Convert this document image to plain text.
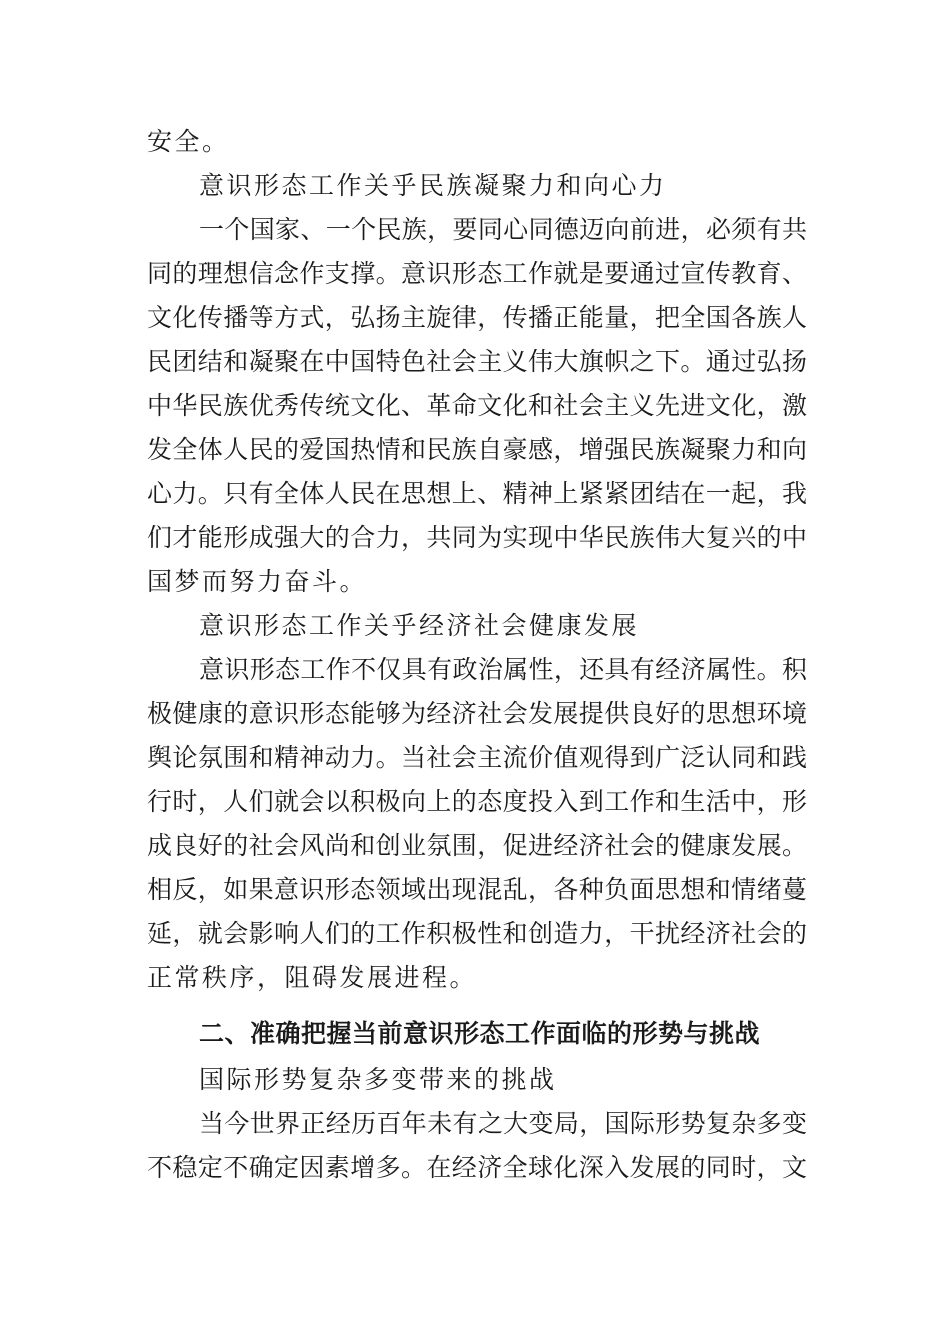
安全。
意识形态工作关乎民族凝聚力和向心力
一个国家、一个民族，要同心同德迈向前进，必须有共
同的理想信念作支撑。意识形态工作就是要通过宣传教育、
文化传播等方式，弘扬主旋律，传播正能量，把全国各族人
民团结和凝聚在中国特色社会主义伟大旗帜之下。通过弘扬
中华民族优秀传统文化、革命文化和社会主义先进文化，激
发全体人民的爱国热情和民族自豪感，增强民族凝聚力和向
心力。只有全体人民在思想上、精神上紧紧团结在一起，我
们才能形成强大的合力，共同为实现中华民族伟大复兴的中
国梦而努力奋斗。
意识形态工作关乎经济社会健康发展
意识形态工作不仅具有政治属性，还具有经济属性。积
极健康的意识形态能够为经济社会发展提供良好的思想环境
舆论氛围和精神动力。当社会主流价值观得到广泛认同和践
行时，人们就会以积极向上的态度投入到工作和生活中，形
成良好的社会风尚和创业氛围，促进经济社会的健康发展。
相反，如果意识形态领域出现混乱，各种负面思想和情绪蔓
延，就会影响人们的工作积极性和创造力，干扰经济社会的
正常秩序，阻碍发展进程。
二、准确把握当前意识形态工作面临的形势与挑战
国际形势复杂多变带来的挑战
当今世界正经历百年未有之大变局，国际形势复杂多变
不稳定不确定因素增多。在经济全球化深入发展的同时，文
